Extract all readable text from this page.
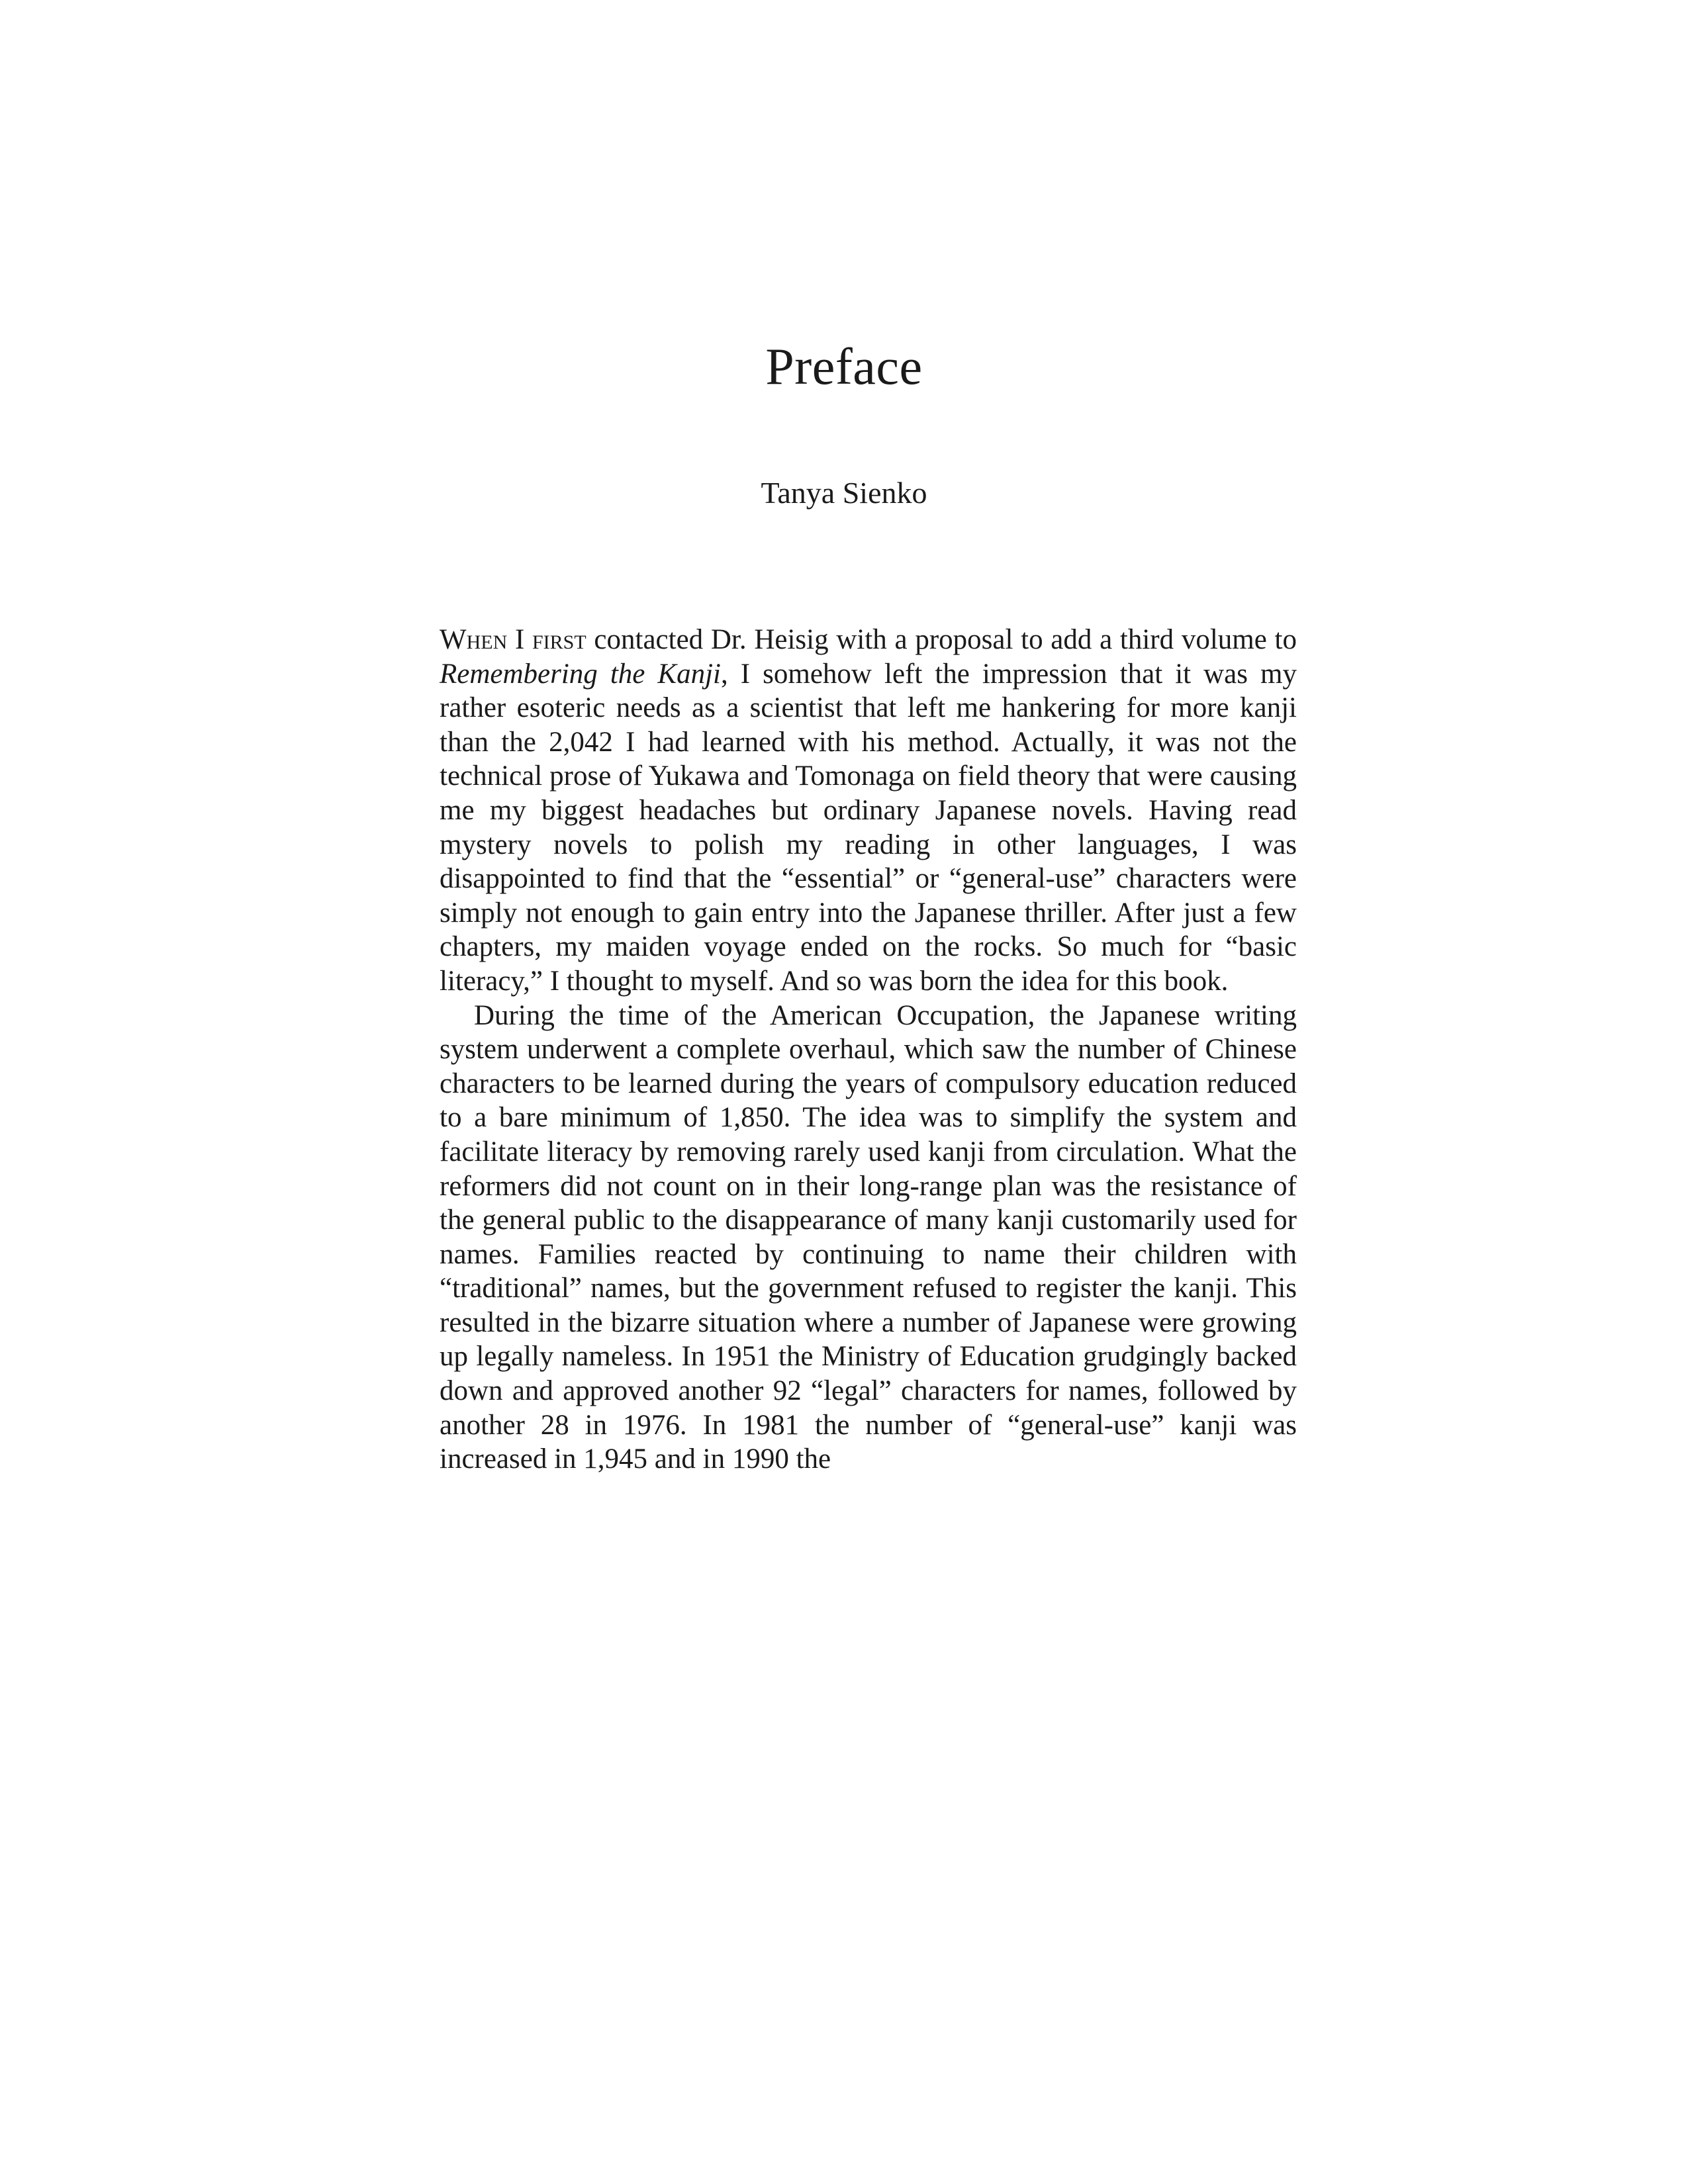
Preface
Tanya Sienko

When I first contacted Dr. Heisig with a proposal to add a third volume to Remembering the Kanji, I somehow left the impression that it was my rather esoteric needs as a scientist that left me hankering for more kanji than the 2,042 I had learned with his method. Actually, it was not the technical prose of Yukawa and Tomonaga on field theory that were causing me my biggest headaches but ordinary Japanese novels. Having read mystery novels to polish my reading in other languages, I was disappointed to find that the “essential” or “general-use” characters were simply not enough to gain entry into the Japanese thriller. After just a few chapters, my maiden voyage ended on the rocks. So much for “basic literacy,” I thought to myself. And so was born the idea for this book.

During the time of the American Occupation, the Japanese writing system underwent a complete overhaul, which saw the number of Chinese characters to be learned during the years of compulsory education reduced to a bare minimum of 1,850. The idea was to simplify the system and facilitate literacy by removing rarely used kanji from circulation. What the reformers did not count on in their long-range plan was the resistance of the general public to the disappearance of many kanji customarily used for names. Families reacted by continuing to name their children with “traditional” names, but the government refused to register the kanji. This resulted in the bizarre situation where a number of Japanese were growing up legally nameless. In 1951 the Ministry of Education grudgingly backed down and approved another 92 “legal” characters for names, followed by another 28 in 1976. In 1981 the number of “general-use” kanji was increased in 1,945 and in 1990 the
